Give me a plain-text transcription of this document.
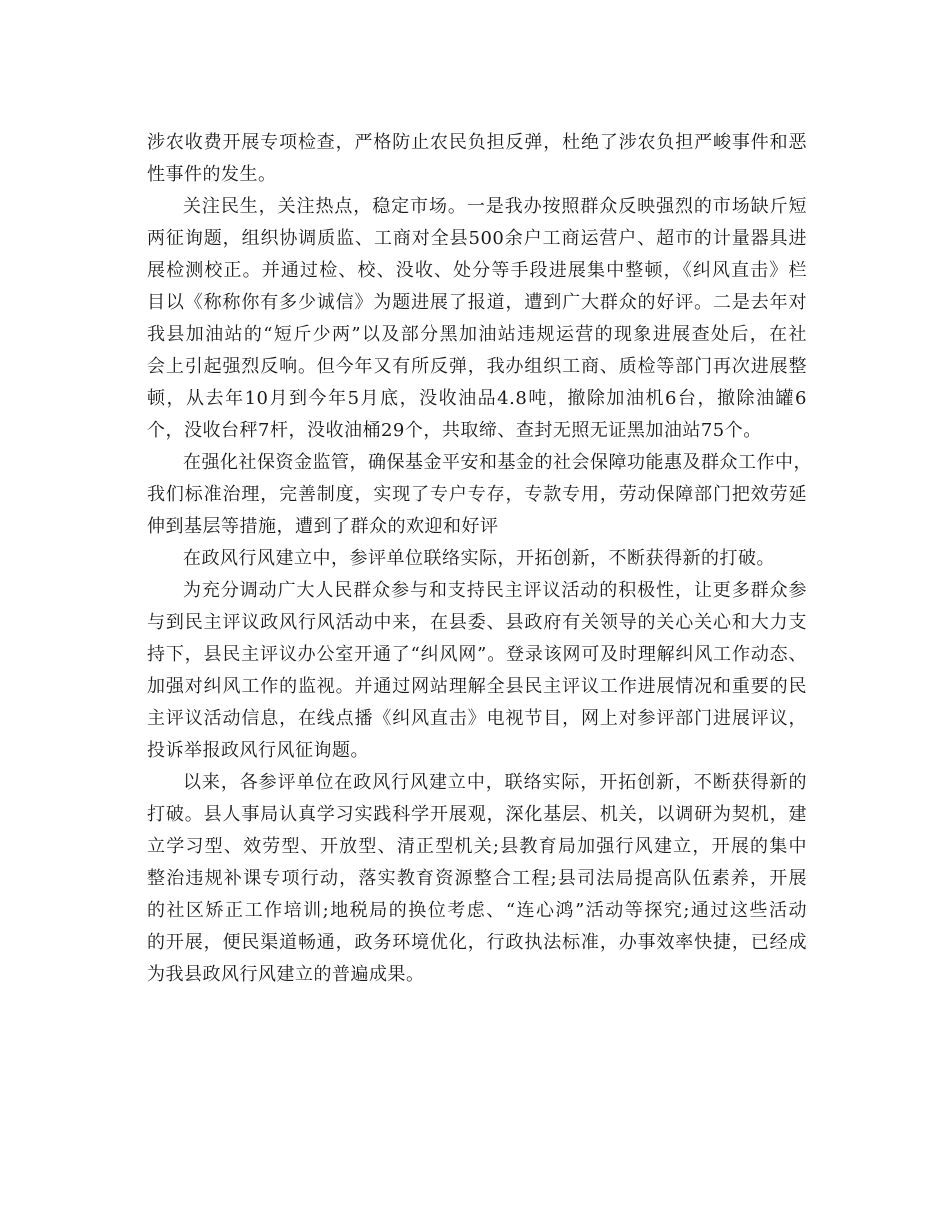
涉农收费开展专项检查，严格防止农民负担反弹，杜绝了涉农负担严峻事件和恶
性事件的发生。
关注民生，关注热点，稳定市场。一是我办按照群众反映强烈的市场缺斤短
两征询题，组织协调质监、工商对全县500余户工商运营户、超市的计量器具进
展检测校正。并通过检、校、没收、处分等手段进展集中整顿，《纠风直击》栏
目以《称称你有多少诚信》为题进展了报道，遭到广大群众的好评。二是去年对
我县加油站的“短斤少两”以及部分黑加油站违规运营的现象进展查处后，在社
会上引起强烈反响。但今年又有所反弹，我办组织工商、质检等部门再次进展整
顿，从去年10月到今年5月底，没收油品4.8吨，撤除加油机6台，撤除油罐6
个，没收台秤7杆，没收油桶29个，共取缔、查封无照无证黑加油站75个。
在强化社保资金监管，确保基金平安和基金的社会保障功能惠及群众工作中，
我们标准治理，完善制度，实现了专户专存，专款专用，劳动保障部门把效劳延
伸到基层等措施，遭到了群众的欢迎和好评
在政风行风建立中，参评单位联络实际，开拓创新，不断获得新的打破。
为充分调动广大人民群众参与和支持民主评议活动的积极性，让更多群众参
与到民主评议政风行风活动中来，在县委、县政府有关领导的关心关心和大力支
持下，县民主评议办公室开通了“纠风网”。登录该网可及时理解纠风工作动态、
加强对纠风工作的监视。并通过网站理解全县民主评议工作进展情况和重要的民
主评议活动信息，在线点播《纠风直击》电视节目，网上对参评部门进展评议，
投诉举报政风行风征询题。
以来，各参评单位在政风行风建立中，联络实际，开拓创新，不断获得新的
打破。县人事局认真学习实践科学开展观，深化基层、机关，以调研为契机，建
立学习型、效劳型、开放型、清正型机关;县教育局加强行风建立，开展的集中
整治违规补课专项行动，落实教育资源整合工程;县司法局提高队伍素养，开展
的社区矫正工作培训;地税局的换位考虑、“连心鸿”活动等探究;通过这些活动
的开展，便民渠道畅通，政务环境优化，行政执法标准，办事效率快捷，已经成
为我县政风行风建立的普遍成果。
